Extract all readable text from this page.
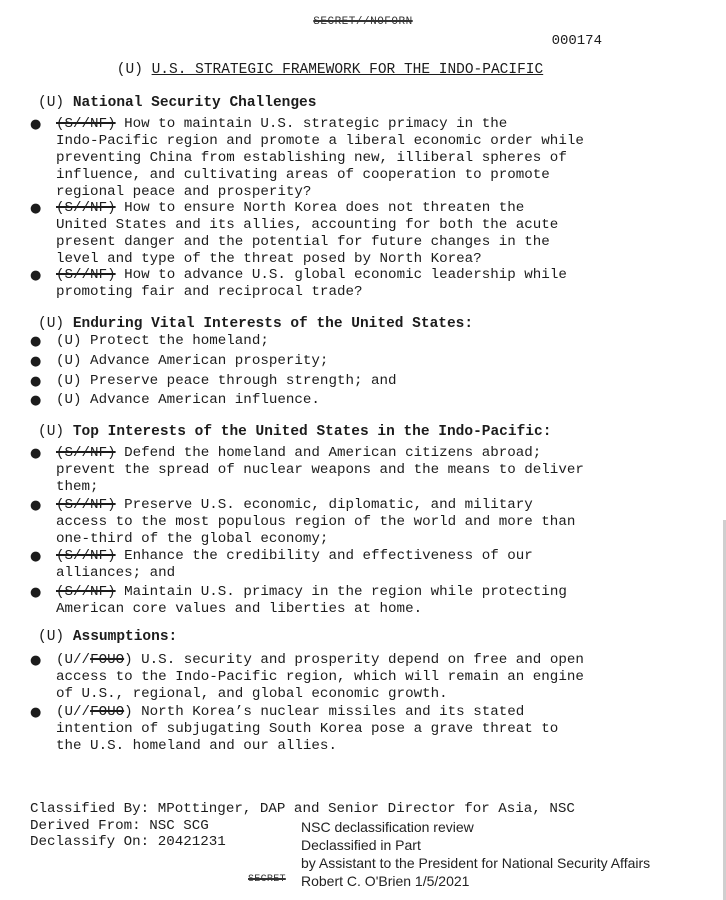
SECRET//NOFORN
000174
(U) U.S. STRATEGIC FRAMEWORK FOR THE INDO-PACIFIC
(U) National Security Challenges
● (S//NF) How to maintain U.S. strategic primacy in the
Indo-Pacific region and promote a liberal economic order while
preventing China from establishing new, illiberal spheres of
influence, and cultivating areas of cooperation to promote
regional peace and prosperity?
● (S//NF) How to ensure North Korea does not threaten the
United States and its allies, accounting for both the acute
present danger and the potential for future changes in the
level and type of the threat posed by North Korea?
● (S//NF) How to advance U.S. global economic leadership while
promoting fair and reciprocal trade?
(U) Enduring Vital Interests of the United States:
● (U) Protect the homeland;
● (U) Advance American prosperity;
● (U) Preserve peace through strength; and
● (U) Advance American influence.
(U) Top Interests of the United States in the Indo-Pacific:
● (S//NF) Defend the homeland and American citizens abroad;
prevent the spread of nuclear weapons and the means to deliver
them;
● (S//NF) Preserve U.S. economic, diplomatic, and military
access to the most populous region of the world and more than
one-third of the global economy;
● (S//NF) Enhance the credibility and effectiveness of our
alliances; and
● (S//NF) Maintain U.S. primacy in the region while protecting
American core values and liberties at home.
(U) Assumptions:
● (U//FOUO) U.S. security and prosperity depend on free and open
access to the Indo-Pacific region, which will remain an engine
of U.S., regional, and global economic growth.
● (U//FOUO) North Korea’s nuclear missiles and its stated
intention of subjugating South Korea pose a grave threat to
the U.S. homeland and our allies.
Classified By: MPottinger, DAP and Senior Director for Asia, NSC
Derived From: NSC SCG
Declassify On: 20421231
NSC declassification review
Declassified in Part
by Assistant to the President for National Security Affairs
Robert C. O'Brien 1/5/2021
SECRET
